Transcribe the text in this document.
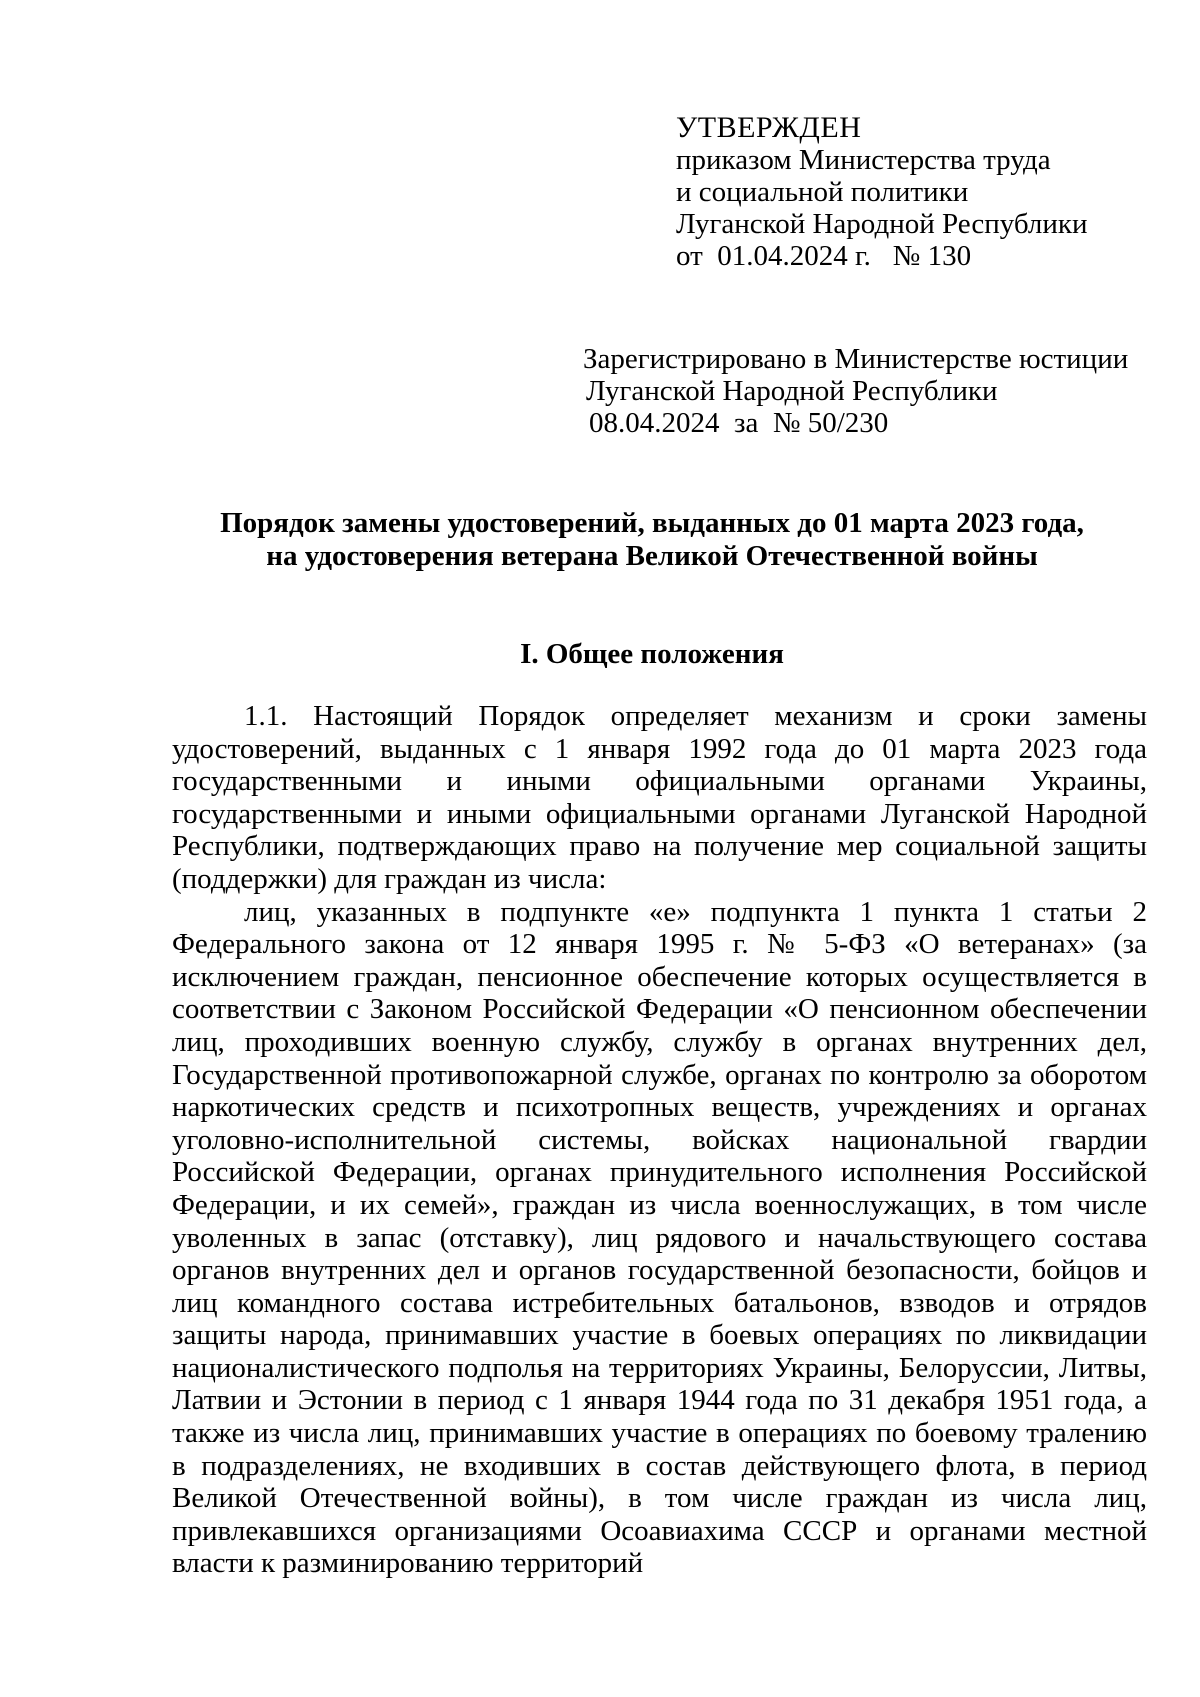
УТВЕРЖДЕН
приказом Министерства труда
и социальной политики
Луганской Народной Республики
от  01.04.2024 г.   № 130
Зарегистрировано в Министерстве юстиции
Луганской Народной Республики
08.04.2024  за  № 50/230
Порядок замены удостоверений, выданных до 01 марта 2023 года,
на удостоверения ветерана Великой Отечественной войны
I. Общее положения

1.1. Настоящий Порядок определяет механизм и сроки замены удостоверений, выданных с 1 января 1992 года до 01 марта 2023 года государственными и иными официальными органами Украины, государственными и иными официальными органами Луганской Народной Республики, подтверждающих право на получение мер социальной защиты (поддержки) для граждан из числа:

лиц, указанных в подпункте «е» подпункта 1 пункта 1 статьи 2 Федерального закона от 12 января 1995 г. № 5-ФЗ «О ветеранах» (за исключением граждан, пенсионное обеспечение которых осуществляется в соответствии с Законом Российской Федерации «О пенсионном обеспечении лиц, проходивших военную службу, службу в органах внутренних дел, Государственной противопожарной службе, органах по контролю за оборотом наркотических средств и психотропных веществ, учреждениях и органах уголовно-исполнительной системы, войсках национальной гвардии Российской Федерации, органах принудительного исполнения Российской Федерации, и их семей», граждан из числа военнослужащих, в том числе уволенных в запас (отставку), лиц рядового и начальствующего состава органов внутренних дел и органов государственной безопасности, бойцов и лиц командного состава истребительных батальонов, взводов и отрядов защиты народа, принимавших участие в боевых операциях по ликвидации националистического подполья на территориях Украины, Белоруссии, Литвы, Латвии и Эстонии в период с 1 января 1944 года по 31 декабря 1951 года, а также из числа лиц, принимавших участие в операциях по боевому тралению в подразделениях, не входивших в состав действующего флота, в период Великой Отечественной войны), в том числе граждан из числа лиц, привлекавшихся организациями Осоавиахима СССР и органами местной власти к разминированию территорий
